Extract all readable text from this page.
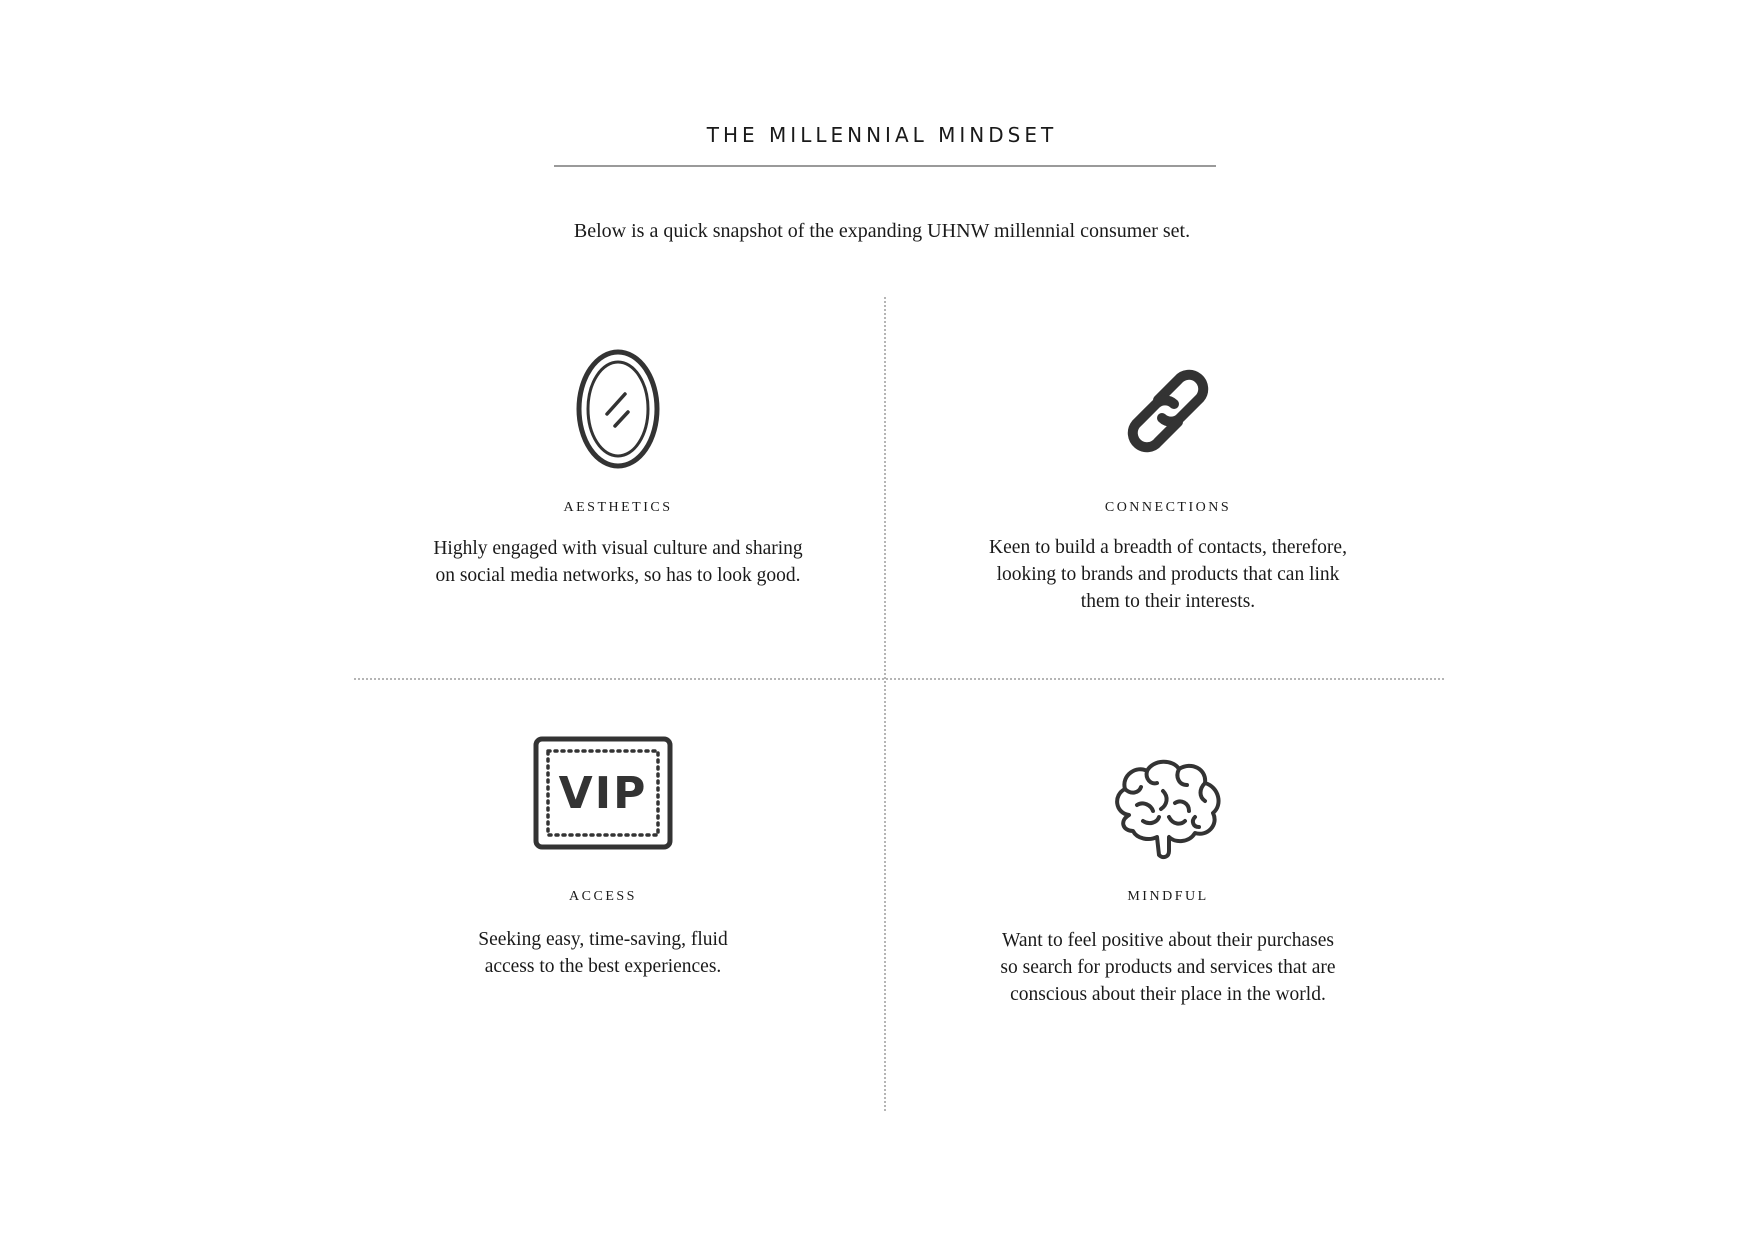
THE MILLENNIAL MINDSET

Below is a quick snapshot of the expanding UHNW millennial consumer set.

AESTHETICS

Highly engaged with visual culture and sharing
on social media networks, so has to look good.

CONNECTIONS

Keen to build a breadth of contacts, therefore,
looking to brands and products that can link
them to their interests.

VIP
ACCESS

Seeking easy, time-saving, fluid
access to the best experiences.

MINDFUL

Want to feel positive about their purchases
so search for products and services that are
conscious about their place in the world.
